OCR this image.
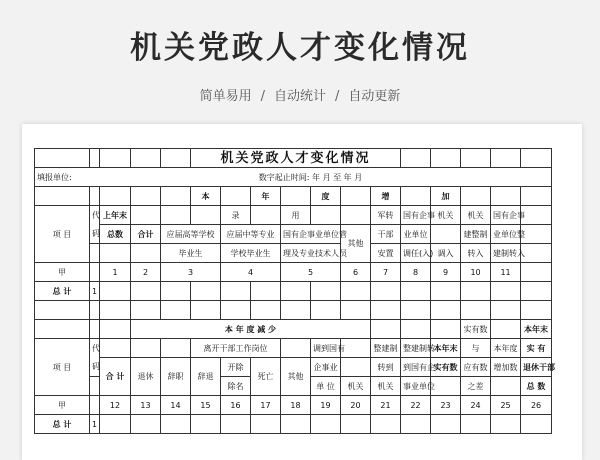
机关党政人才变化情况
简单易用 / 自动统计 / 自动更新
					机关党政人才变化情况											
填报单位:						数字起止时间: 年 月 至 年 月										
					本		年		度		增		加			
	代	上年末				录		用			军转	国有企事	机关	机关	国有企事	
项 目	码	总数	合计	应届高等学校		应届中等专业		国有企事业单位管		其他	干部	业单位		建整制	业单位整	
				毕业生		学校毕业生		理及专业技术人员			安置	调任(入)	调入	转入	建制转入	
甲		1	2	3		4		5		6	7	8	9	10	11	
总 计	1															

			本 年 度 减 少											实有数		本年末
	代				离开干部工作岗位				调到国有		整建制	整建制转	本年末	与	本年度	实 有
项 目	码	合 计	退休	辞职	辞退	开除	死亡	其他	企事业		转到	到国有企	实有数	应有数	增加数	退休干部
						除名			单 位	机关	机关	事业单位		之差		总 数
甲		12	13	14	15	16	17	18	19	20	21	22	23	24	25	26
总 计	1															
